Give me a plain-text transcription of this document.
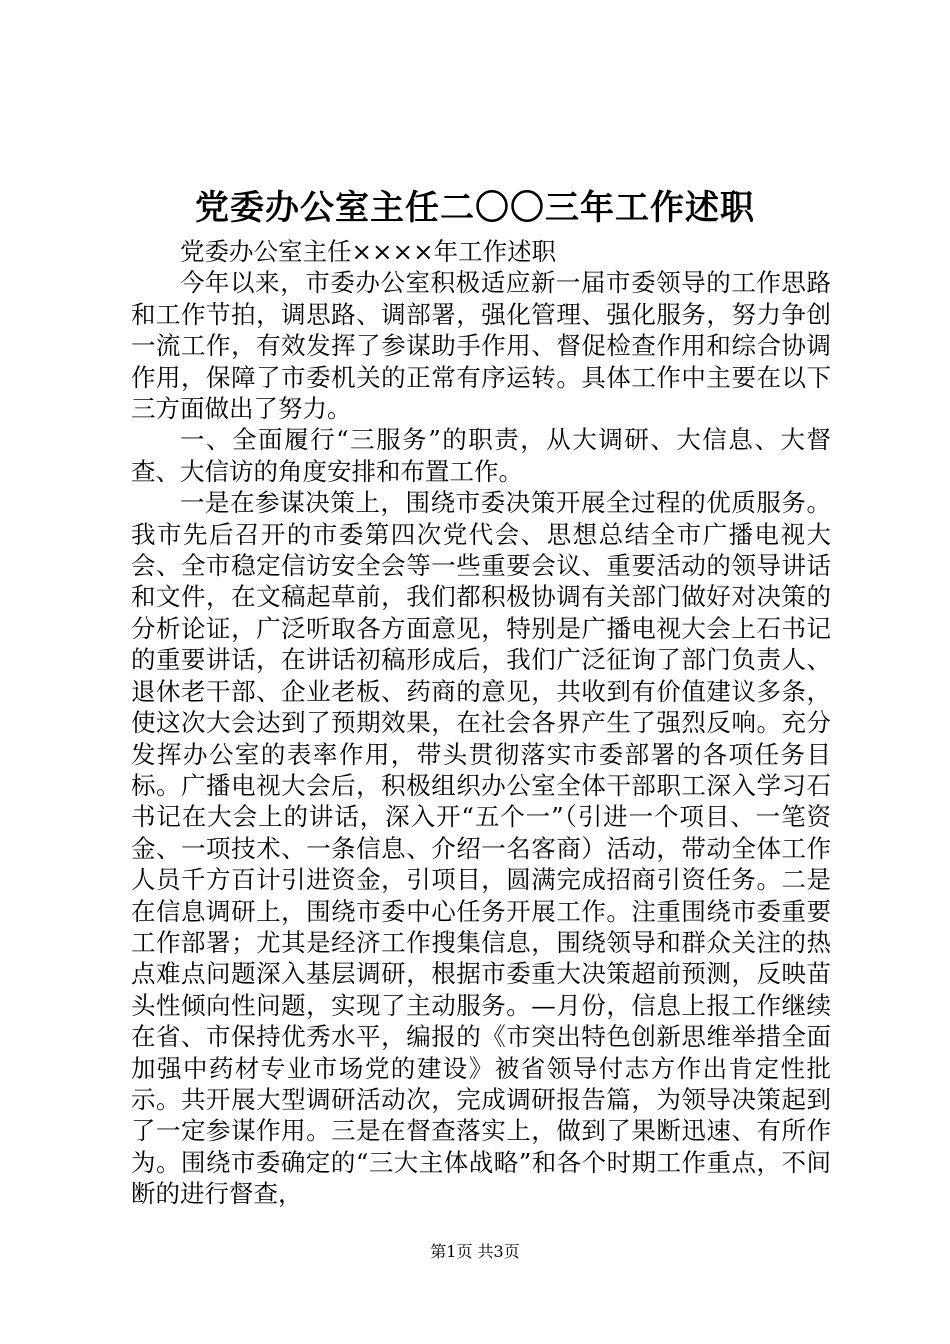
党委办公室主任二〇〇三年工作述职

党委办公室主任××××年工作述职

今年以来，市委办公室积极适应新一届市委领导的工作思路和工作节拍，调思路、调部署，强化管理、强化服务，努力争创一流工作，有效发挥了参谋助手作用、督促检查作用和综合协调作用，保障了市委机关的正常有序运转。具体工作中主要在以下三方面做出了努力。

一、全面履行“三服务”的职责，从大调研、大信息、大督查、大信访的角度安排和布置工作。

一是在参谋决策上，围绕市委决策开展全过程的优质服务。我市先后召开的市委第四次党代会、思想总结全市广播电视大会、全市稳定信访安全会等一些重要会议、重要活动的领导讲话和文件，在文稿起草前，我们都积极协调有关部门做好对决策的分析论证，广泛听取各方面意见，特别是广播电视大会上石书记的重要讲话，在讲话初稿形成后，我们广泛征询了部门负责人、退休老干部、企业老板、药商的意见，共收到有价值建议多条，使这次大会达到了预期效果，在社会各界产生了强烈反响。充分发挥办公室的表率作用，带头贯彻落实市委部署的各项任务目标。广播电视大会后，积极组织办公室全体干部职工深入学习石书记在大会上的讲话，深入开“五个一”（引进一个项目、一笔资金、一项技术、一条信息、介绍一名客商）活动，带动全体工作人员千方百计引进资金，引项目，圆满完成招商引资任务。二是在信息调研上，围绕市委中心任务开展工作。注重围绕市委重要工作部署；尤其是经济工作搜集信息，围绕领导和群众关注的热点难点问题深入基层调研，根据市委重大决策超前预测，反映苗头性倾向性问题，实现了主动服务。—月份，信息上报工作继续在省、市保持优秀水平，编报的《市突出特色创新思维举措全面加强中药材专业市场党的建设》被省领导付志方作出肯定性批示。共开展大型调研活动次，完成调研报告篇，为领导决策起到了一定参谋作用。三是在督查落实上，做到了果断迅速、有所作为。围绕市委确定的“三大主体战略”和各个时期工作重点，不间断的进行督查，

第1页 共3页
